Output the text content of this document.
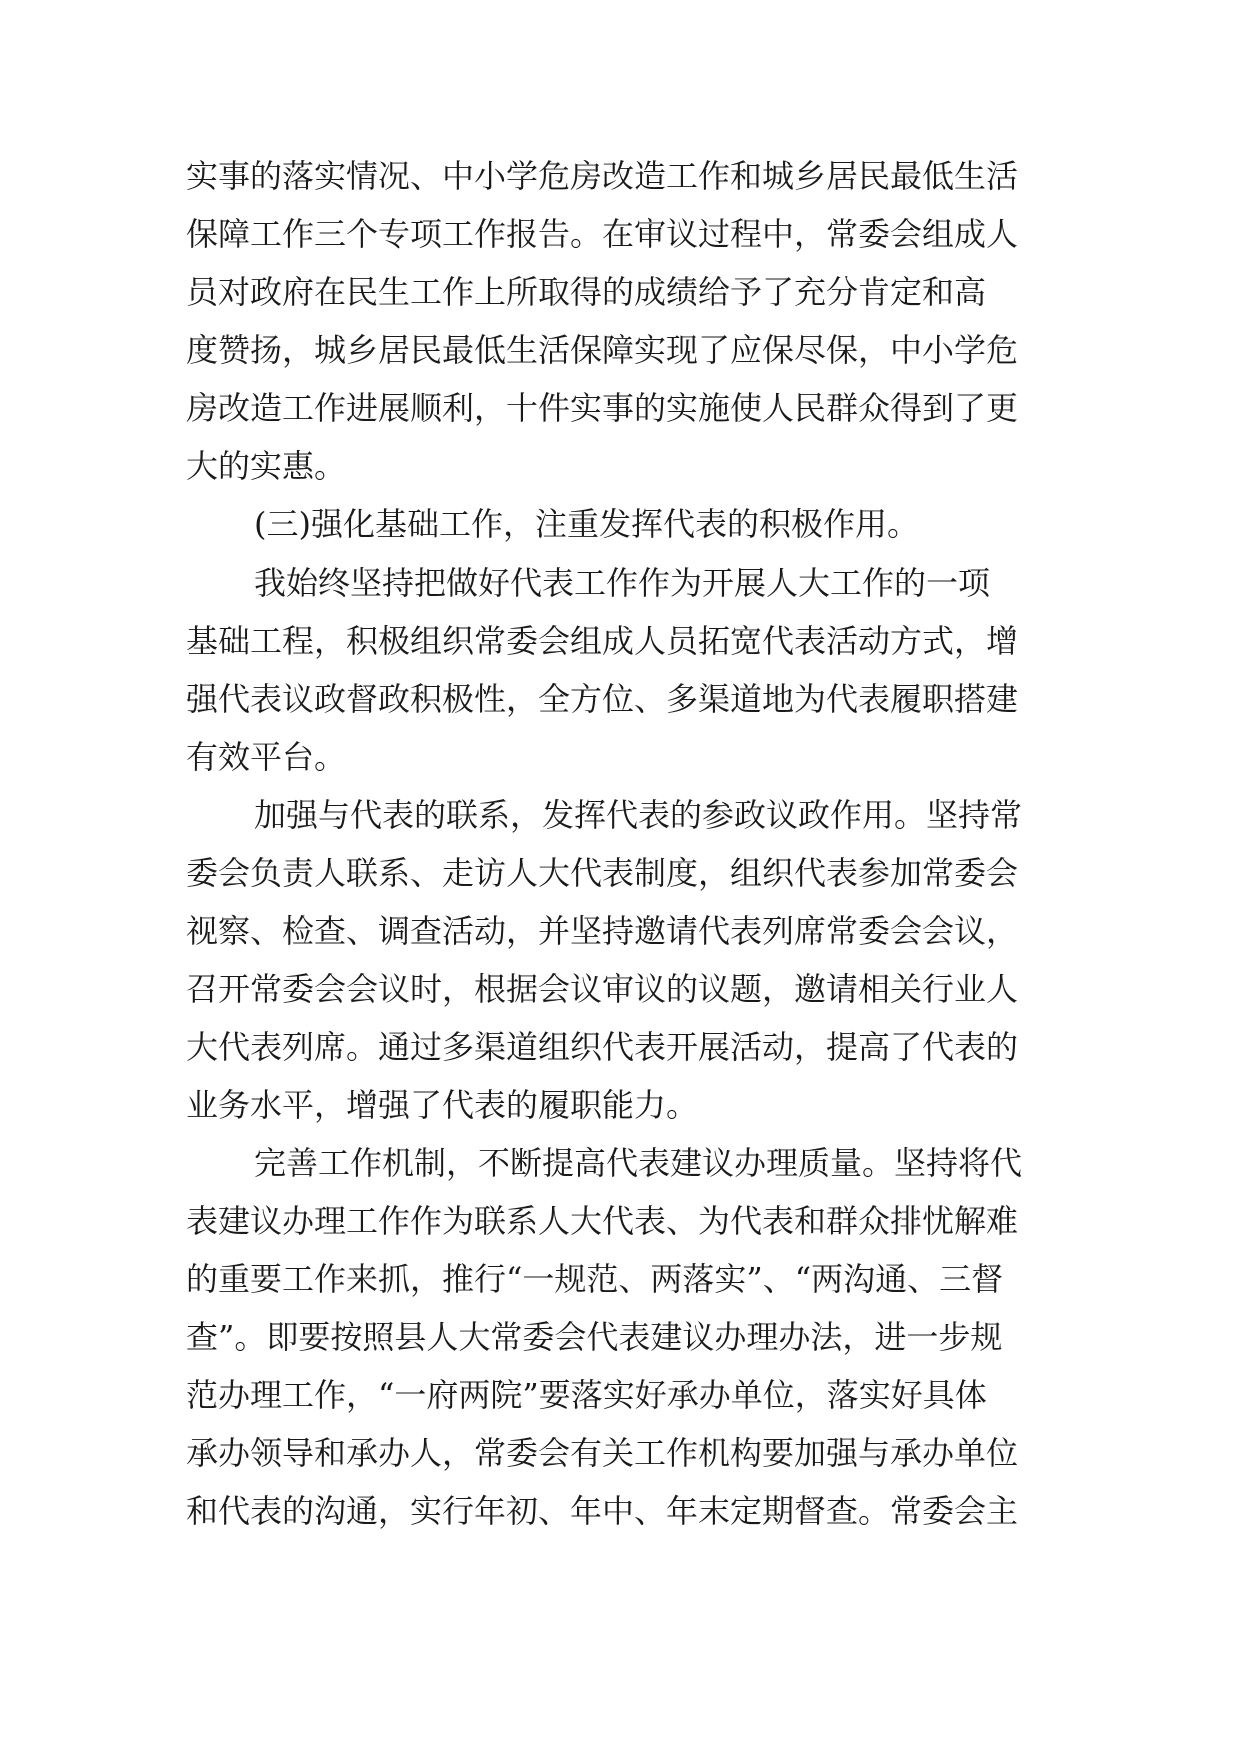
实事的落实情况、中小学危房改造工作和城乡居民最低生活
保障工作三个专项工作报告。在审议过程中，常委会组成人
员对政府在民生工作上所取得的成绩给予了充分肯定和高
度赞扬，城乡居民最低生活保障实现了应保尽保，中小学危
房改造工作进展顺利，十件实事的实施使人民群众得到了更
大的实惠。
(三)强化基础工作，注重发挥代表的积极作用。
我始终坚持把做好代表工作作为开展人大工作的一项
基础工程，积极组织常委会组成人员拓宽代表活动方式，增
强代表议政督政积极性，全方位、多渠道地为代表履职搭建
有效平台。
加强与代表的联系，发挥代表的参政议政作用。坚持常
委会负责人联系、走访人大代表制度，组织代表参加常委会
视察、检查、调查活动，并坚持邀请代表列席常委会会议，
召开常委会会议时，根据会议审议的议题，邀请相关行业人
大代表列席。通过多渠道组织代表开展活动，提高了代表的
业务水平，增强了代表的履职能力。
完善工作机制，不断提高代表建议办理质量。坚持将代
表建议办理工作作为联系人大代表、为代表和群众排忧解难
的重要工作来抓，推行“一规范、两落实”、“两沟通、三督
查”。即要按照县人大常委会代表建议办理办法，进一步规
范办理工作，“一府两院”要落实好承办单位，落实好具体
承办领导和承办人，常委会有关工作机构要加强与承办单位
和代表的沟通，实行年初、年中、年末定期督查。常委会主
